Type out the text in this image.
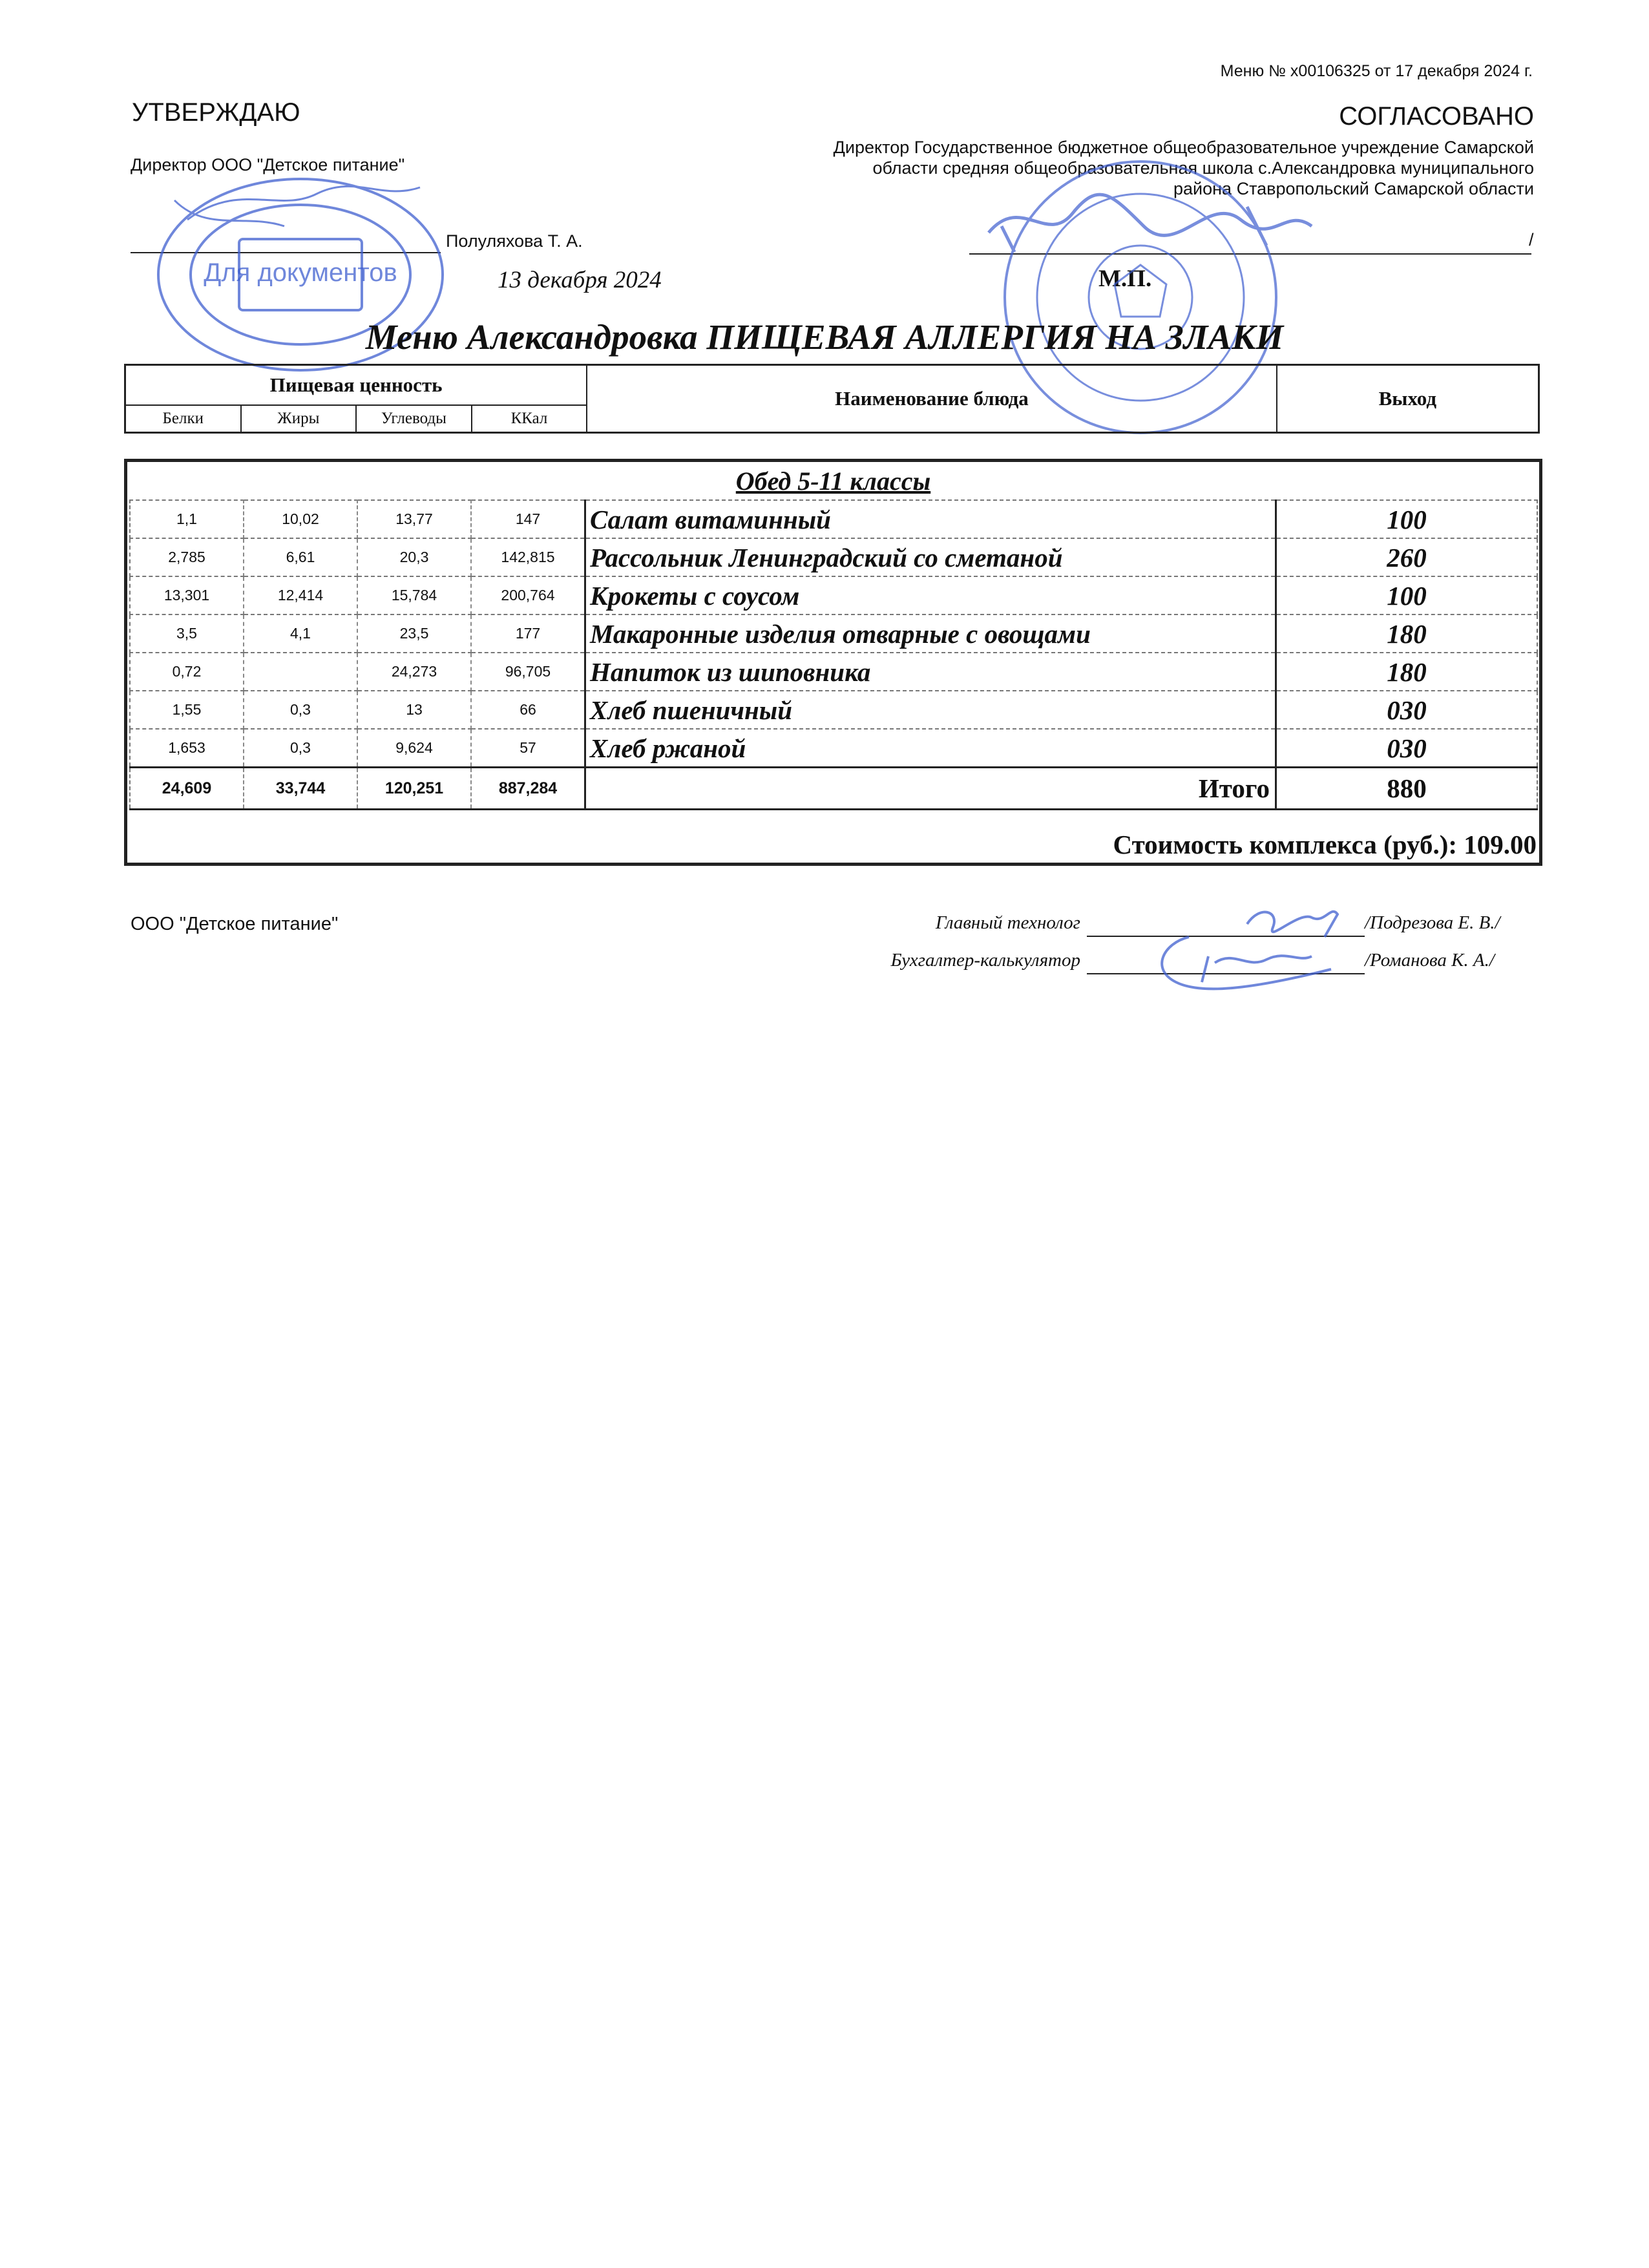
Меню № x00106325 от 17 декабря 2024 г.
УТВЕРЖДАЮ
Директор ООО "Детское питание"
Полуляхова Т. А.
13 декабря 2024
Для документов
СОГЛАСОВАНО
Директор Государственное бюджетное общеобразовательное учреждение Самарской
области средняя общеобразовательная школа с.Александровка муниципального
района Ставропольский Самарской области
/
М.П.
Меню Александровка ПИЩЕВАЯ АЛЛЕРГИЯ НА ЗЛАКИ
Пищевая ценность				Наименование блюда	Выход
Белки	Жиры	Углеводы	ККал		
Обед 5-11 классы
1,1	10,02	13,77	147	Салат витаминный	100
2,785	6,61	20,3	142,815	Рассольник Ленинградский со сметаной	260
13,301	12,414	15,784	200,764	Крокеты с соусом	100
3,5	4,1	23,5	177	Макаронные изделия отварные с овощами	180
0,72		24,273	96,705	Напиток из шиповника	180
1,55	0,3	13	66	Хлеб пшеничный	030
1,653	0,3	9,624	57	Хлеб ржаной	030
24,609	33,744	120,251	887,284	Итого	880
Стоимость комплекса (руб.): 109.00
ООО "Детское питание"	Главный технолог	/Подрезова Е. В./
Бухгалтер-калькулятор	/Романова К. А./
